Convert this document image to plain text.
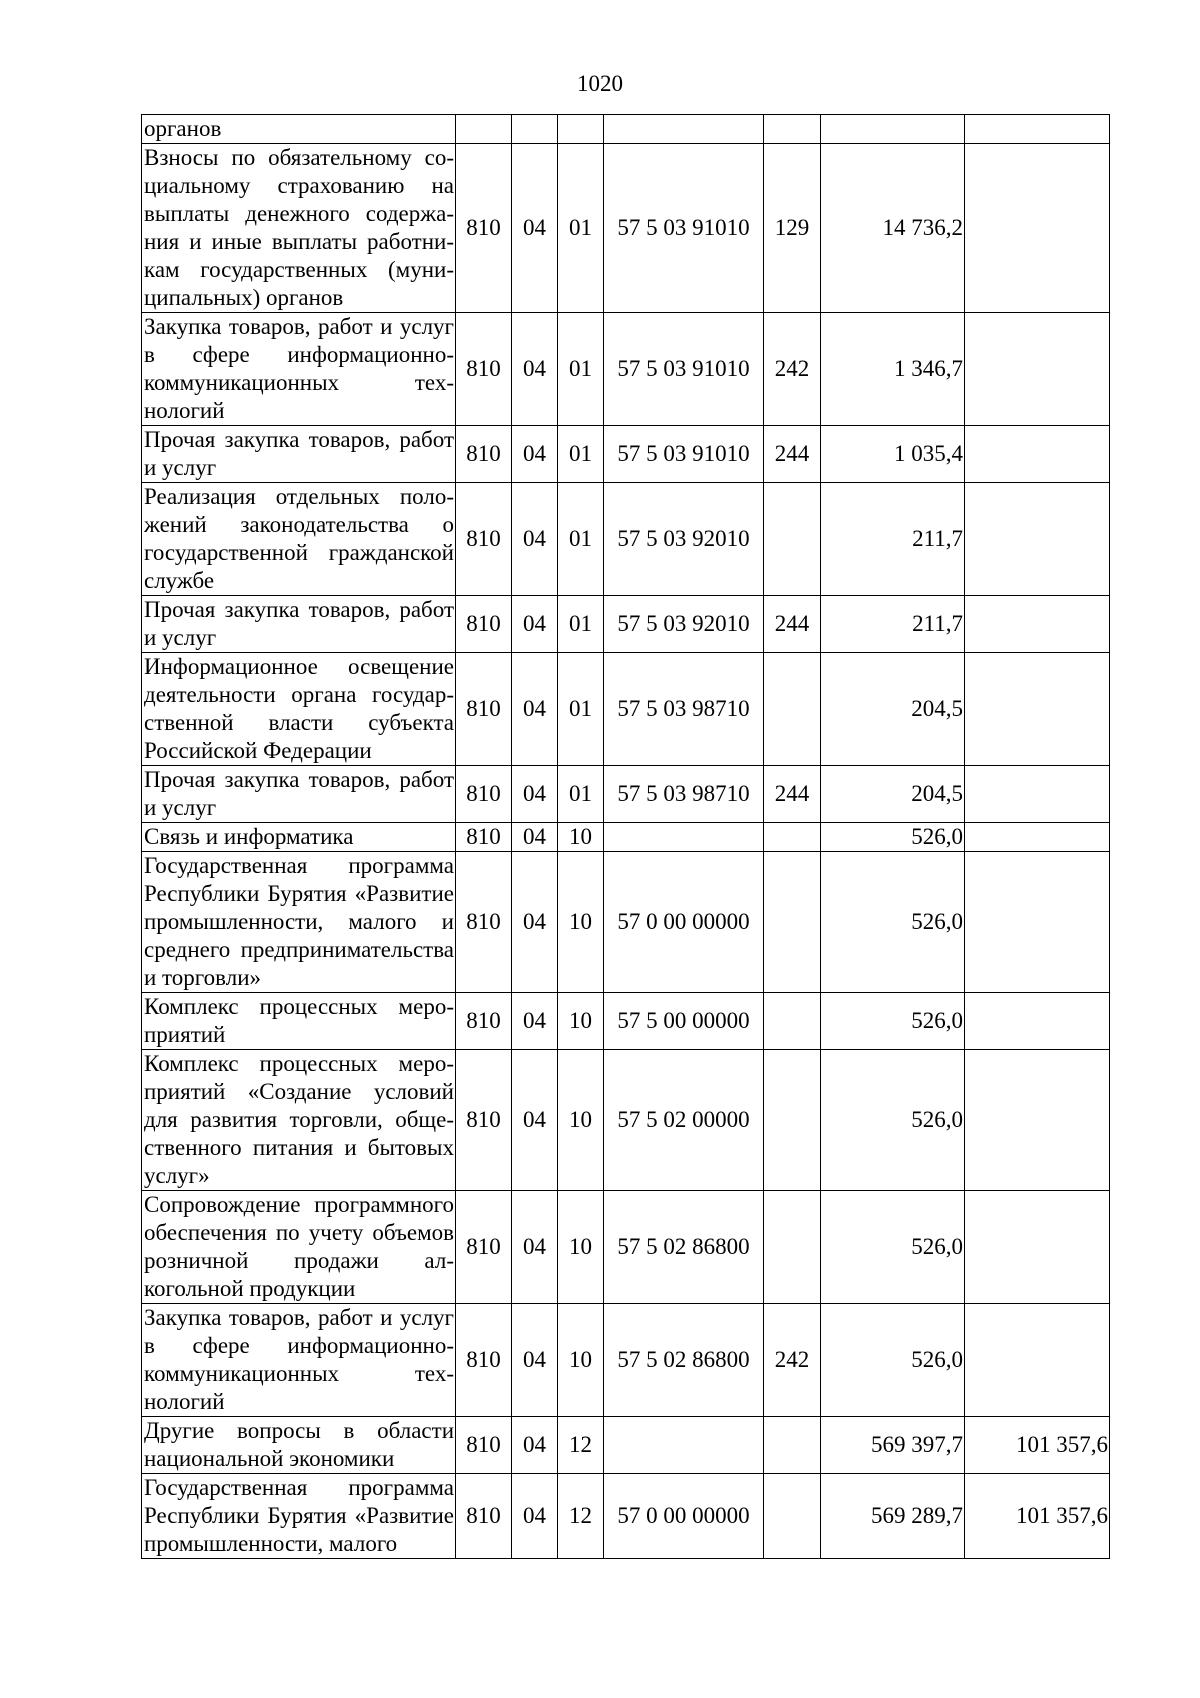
1020
органов							
Взносы по обязательному социальному страхованию на выплаты денежного содержания и иные выплаты работникам государственных (муниципальных) органов	810	04	01	57 5 03 91010	129	14 736,2	
Закупка товаров, работ и услуг в сфере информационно-коммуникационных технологий	810	04	01	57 5 03 91010	242	1 346,7	
Прочая закупка товаров, работ и услуг	810	04	01	57 5 03 91010	244	1 035,4	
Реализация отдельных положений законодательства о государственной гражданской службе	810	04	01	57 5 03 92010		211,7	
Прочая закупка товаров, работ и услуг	810	04	01	57 5 03 92010	244	211,7	
Информационное освещение деятельности органа государственной власти субъекта Российской Федерации	810	04	01	57 5 03 98710		204,5	
Прочая закупка товаров, работ и услуг	810	04	01	57 5 03 98710	244	204,5	
Связь и информатика	810	04	10			526,0	
Государственная программа Республики Бурятия «Развитие промышленности, малого и среднего предпринимательства и торговли»	810	04	10	57 0 00 00000		526,0	
Комплекс процессных мероприятий	810	04	10	57 5 00 00000		526,0	
Комплекс процессных мероприятий «Создание условий для развития торговли, общественного питания и бытовых услуг»	810	04	10	57 5 02 00000		526,0	
Сопровождение программного обеспечения по учету объемов розничной продажи алкогольной продукции	810	04	10	57 5 02 86800		526,0	
Закупка товаров, работ и услуг в сфере информационно-коммуникационных технологий	810	04	10	57 5 02 86800	242	526,0	
Другие вопросы в области национальной экономики	810	04	12			569 397,7	101 357,6
Государственная программа Республики Бурятия «Развитие промышленности, малого	810	04	12	57 0 00 00000		569 289,7	101 357,6
